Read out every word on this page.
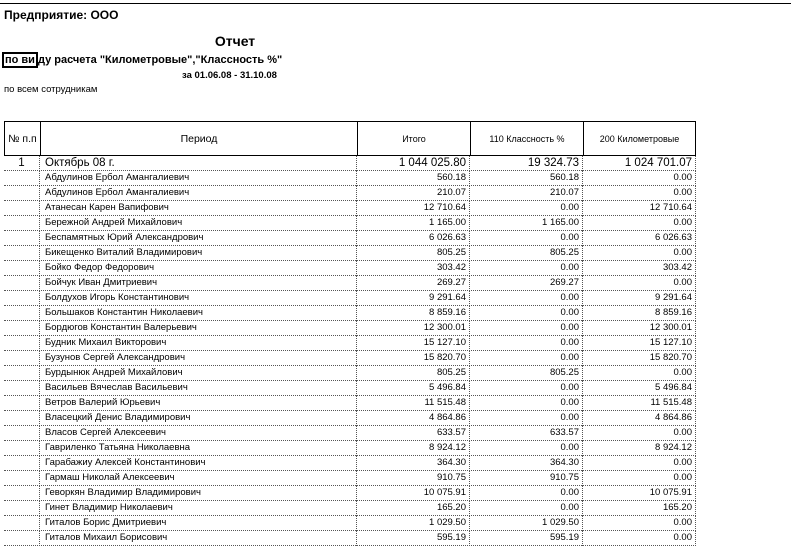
Предприятие: ООО
Отчет
по ви ду расчета "Километровые","Классность %"
за 01.06.08 - 31.10.08
по всем сотрудникам
№ п.п	Период	Итого	110 Классность %	200 Километровые
1	Октябрь 08 г.	1 044 025.80	19 324.73	1 024 701.07
Абдулинов Ербол Амангалиевич	560.18	560.18	0.00
Абдулинов Ербол Амангалиевич	210.07	210.07	0.00
Атанесан Карен Вапифович	12 710.64	0.00	12 710.64
Бережной Андрей Михайлович	1 165.00	1 165.00	0.00
Беспамятных Юрий Александрович	6 026.63	0.00	6 026.63
Бикещенко Виталий Владимирович	805.25	805.25	0.00
Бойко Федор Федорович	303.42	0.00	303.42
Бойчук Иван Дмитриевич	269.27	269.27	0.00
Болдухов Игорь Константинович	9 291.64	0.00	9 291.64
Большаков Константин Николаевич	8 859.16	0.00	8 859.16
Бордюгов Константин Валерьевич	12 300.01	0.00	12 300.01
Будник Михаил Викторович	15 127.10	0.00	15 127.10
Бузунов Сергей Александрович	15 820.70	0.00	15 820.70
Бурдынюк Андрей Михайлович	805.25	805.25	0.00
Васильев Вячеслав Васильевич	5 496.84	0.00	5 496.84
Ветров Валерий Юрьевич	11 515.48	0.00	11 515.48
Власецкий Денис Владимирович	4 864.86	0.00	4 864.86
Власов Сергей Алексеевич	633.57	633.57	0.00
Гавриленко Татьяна Николаевна	8 924.12	0.00	8 924.12
Гарабажиу Алексей Константинович	364.30	364.30	0.00
Гармаш Николай Алексеевич	910.75	910.75	0.00
Геворкян Владимир Владимирович	10 075.91	0.00	10 075.91
Гинет Владимир Николаевич	165.20	0.00	165.20
Гиталов Борис Дмитриевич	1 029.50	1 029.50	0.00
Гиталов Михаил Борисович	595.19	595.19	0.00
